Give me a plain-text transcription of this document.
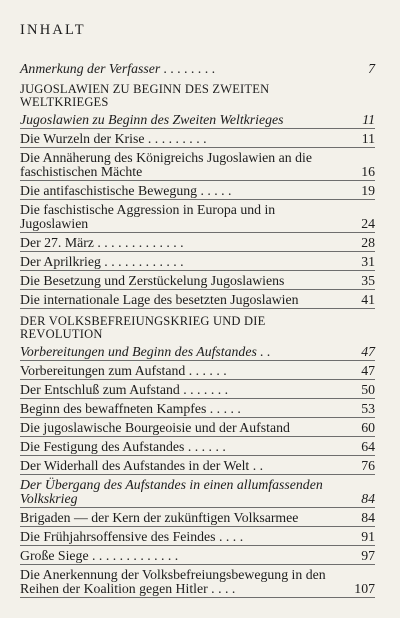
INHALT
Anmerkung der Verfasser . . . . . . . .	7
JUGOSLAWIEN ZU BEGINN DES ZWEITEN WELTKRIEGES
Jugoslawien zu Beginn des Zweiten Weltkrieges	11
Die Wurzeln der Krise . . . . . . . . .	11
Die Annäherung des Königreichs Jugoslawien an die faschistischen Mächte	16
Die antifaschistische Bewegung . . . . .	19
Die faschistische Aggression in Europa und in Jugoslawien	24
Der 27. März . . . . . . . . . . . . .	28
Der Aprilkrieg . . . . . . . . . . . .	31
Die Besetzung und Zerstückelung Jugoslawiens	35
Die internationale Lage des besetzten Jugoslawien	41
DER VOLKSBEFREIUNGSKRIEG UND DIE REVOLUTION
Vorbereitungen und Beginn des Aufstandes . .	47
Vorbereitungen zum Aufstand . . . . . .	47
Der Entschluß zum Aufstand . . . . . . .	50
Beginn des bewaffneten Kampfes . . . . .	53
Die jugoslawische Bourgeoisie und der Aufstand	60
Die Festigung des Aufstandes . . . . . .	64
Der Widerhall des Aufstandes in der Welt . .	76
Der Übergang des Aufstandes in einen allumfassenden Volkskrieg	84
Brigaden — der Kern der zukünftigen Volksarmee	84
Die Frühjahrsoffensive des Feindes . . . .	91
Große Siege . . . . . . . . . . . . .	97
Die Anerkennung der Volksbefreiungsbewegung in den Reihen der Koalition gegen Hitler . . . .	107
